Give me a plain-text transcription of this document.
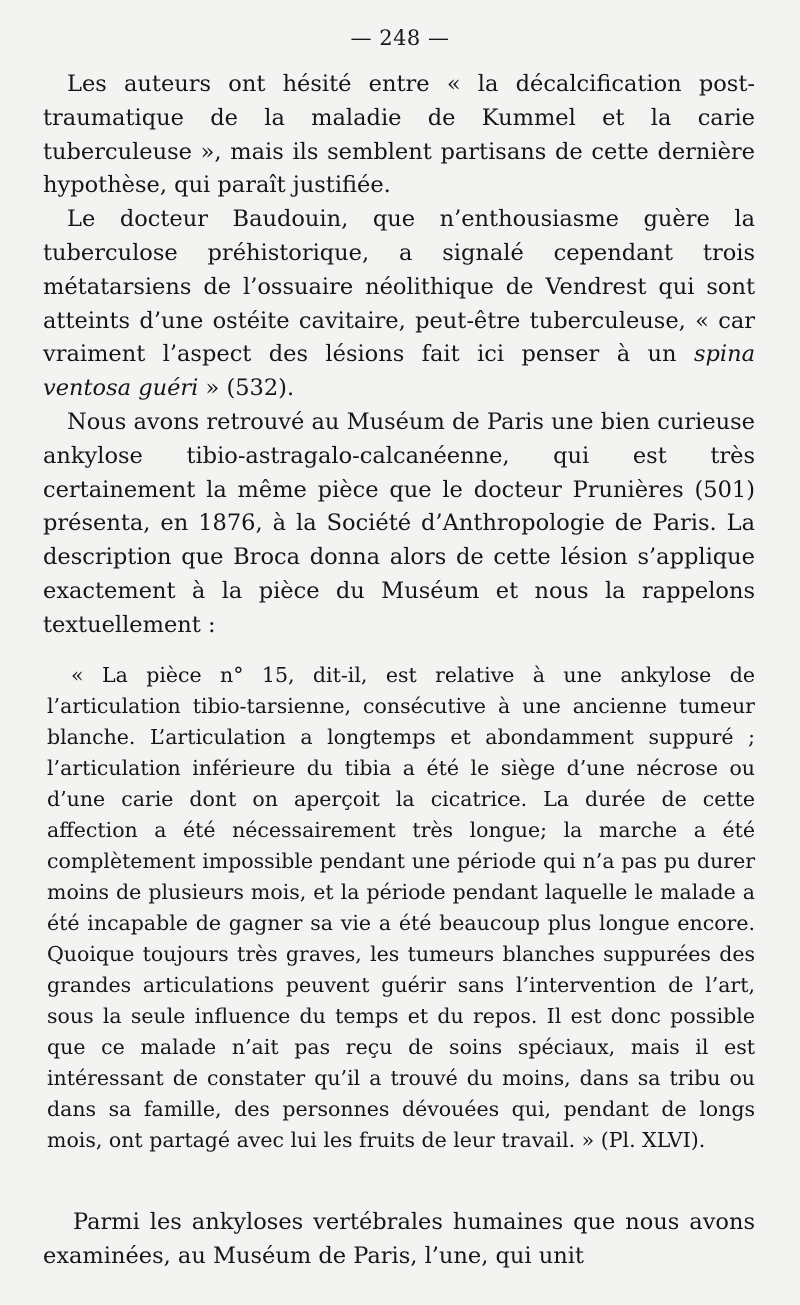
— 248 —

Les auteurs ont hésité entre « la décalcification post-traumatique de la maladie de Kummel et la carie tuberculeuse », mais ils semblent partisans de cette dernière hypothèse, qui paraît justifiée.

Le docteur Baudouin, que n’enthousiasme guère la tuberculose préhistorique, a signalé cependant trois métatarsiens de l’ossuaire néolithique de Vendrest qui sont atteints d’une ostéite cavitaire, peut-être tuberculeuse, « car vraiment l’aspect des lésions fait ici penser à un spina ventosa guéri » (532).

Nous avons retrouvé au Muséum de Paris une bien curieuse ankylose tibio-astragalo-calcanéenne, qui est très certainement la même pièce que le docteur Prunières (501) présenta, en 1876, à la Société d’Anthropologie de Paris. La description que Broca donna alors de cette lésion s’applique exactement à la pièce du Muséum et nous la rappelons textuellement :

« La pièce n° 15, dit-il, est relative à une ankylose de l’articulation tibio-tarsienne, consécutive à une ancienne tumeur blanche. L’articulation a longtemps et abondamment suppuré ; l’articulation inférieure du tibia a été le siège d’une nécrose ou d’une carie dont on aperçoit la cicatrice. La durée de cette affection a été nécessairement très longue; la marche a été complètement impossible pendant une période qui n’a pas pu durer moins de plusieurs mois, et la période pendant laquelle le malade a été incapable de gagner sa vie a été beaucoup plus longue encore. Quoique toujours très graves, les tumeurs blanches suppurées des grandes articulations peuvent guérir sans l’intervention de l’art, sous la seule influence du temps et du repos. Il est donc possible que ce malade n’ait pas reçu de soins spéciaux, mais il est intéressant de constater qu’il a trouvé du moins, dans sa tribu ou dans sa famille, des personnes dévouées qui, pendant de longs mois, ont partagé avec lui les fruits de leur travail. » (Pl. XLVI).

Parmi les ankyloses vertébrales humaines que nous avons examinées, au Muséum de Paris, l’une, qui unit
